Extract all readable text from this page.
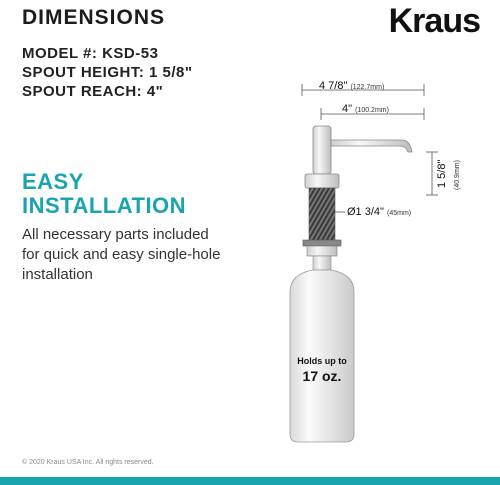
DIMENSIONS	Kraus
MODEL #: KSD-53
SPOUT HEIGHT: 1 5/8"
SPOUT REACH: 4"
EASY
INSTALLATION
All necessary parts included
for quick and easy single-hole
installation
4 7/8" (122.7mm)
4" (100.2mm)
1 5/8" (40.9mm)
Ø1 3/4" (45mm)
Holds up to
17 oz.
© 2020 Kraus USA Inc. All rights reserved.
